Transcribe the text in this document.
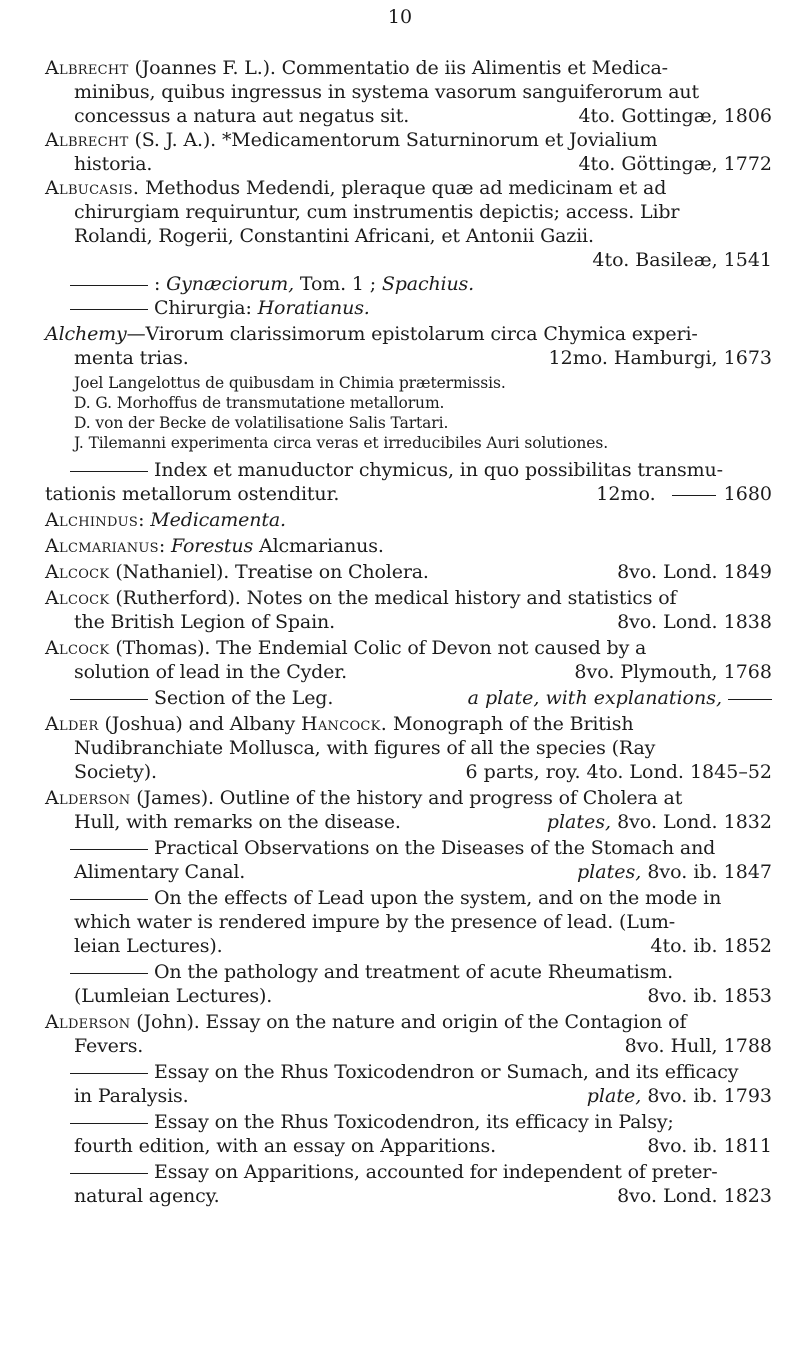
10
Albrecht (Joannes F. L.). Commentatio de iis Alimentis et Medica-
minibus, quibus ingressus in systema vasorum sanguiferorum aut
concessus a natura aut negatus sit.	4to. Gottingæ, 1806
Albrecht (S. J. A.). *Medicamentorum Saturninorum et Jovialium
historia.	4to. Göttingæ, 1772
Albucasis. Methodus Medendi, pleraque quæ ad medicinam et ad
chirurgiam requiruntur, cum instrumentis depictis; access. Libr
Rolandi, Rogerii, Constantini Africani, et Antonii Gazii.
4to. Basileæ, 1541
: Gynæciorum, Tom. 1 ; Spachius.
Chirurgia: Horatianus.
Alchemy—Virorum clarissimorum epistolarum circa Chymica experi-
menta trias.	12mo. Hamburgi, 1673
Joel Langelottus de quibusdam in Chimia prætermissis.
D. G. Morhoffus de transmutatione metallorum.
D. von der Becke de volatilisatione Salis Tartari.
J. Tilemanni experimenta circa veras et irreducibiles Auri solutiones.
Index et manuductor chymicus, in quo possibilitas transmu-
tationis metallorum ostenditur.	12mo.	1680
Alchindus: Medicamenta.
Alcmarianus: Forestus Alcmarianus.
Alcock (Nathaniel). Treatise on Cholera.	8vo. Lond. 1849
Alcock (Rutherford). Notes on the medical history and statistics of
the British Legion of Spain.	8vo. Lond. 1838
Alcock (Thomas). The Endemial Colic of Devon not caused by a
solution of lead in the Cyder.	8vo. Plymouth, 1768
Section of the Leg.	a plate, with explanations,
Alder (Joshua) and Albany Hancock. Monograph of the British
Nudibranchiate Mollusca, with figures of all the species (Ray
Society).	6 parts, roy. 4to. Lond. 1845–52
Alderson (James). Outline of the history and progress of Cholera at
Hull, with remarks on the disease.	plates, 8vo. Lond. 1832
Practical Observations on the Diseases of the Stomach and
Alimentary Canal.	plates, 8vo. ib. 1847
On the effects of Lead upon the system, and on the mode in
which water is rendered impure by the presence of lead. (Lum-
leian Lectures).	4to. ib. 1852
On the pathology and treatment of acute Rheumatism.
(Lumleian Lectures).	8vo. ib. 1853
Alderson (John). Essay on the nature and origin of the Contagion of
Fevers.	8vo. Hull, 1788
Essay on the Rhus Toxicodendron or Sumach, and its efficacy
in Paralysis.	plate, 8vo. ib. 1793
Essay on the Rhus Toxicodendron, its efficacy in Palsy;
fourth edition, with an essay on Apparitions.	8vo. ib. 1811
Essay on Apparitions, accounted for independent of preter-
natural agency.	8vo. Lond. 1823
